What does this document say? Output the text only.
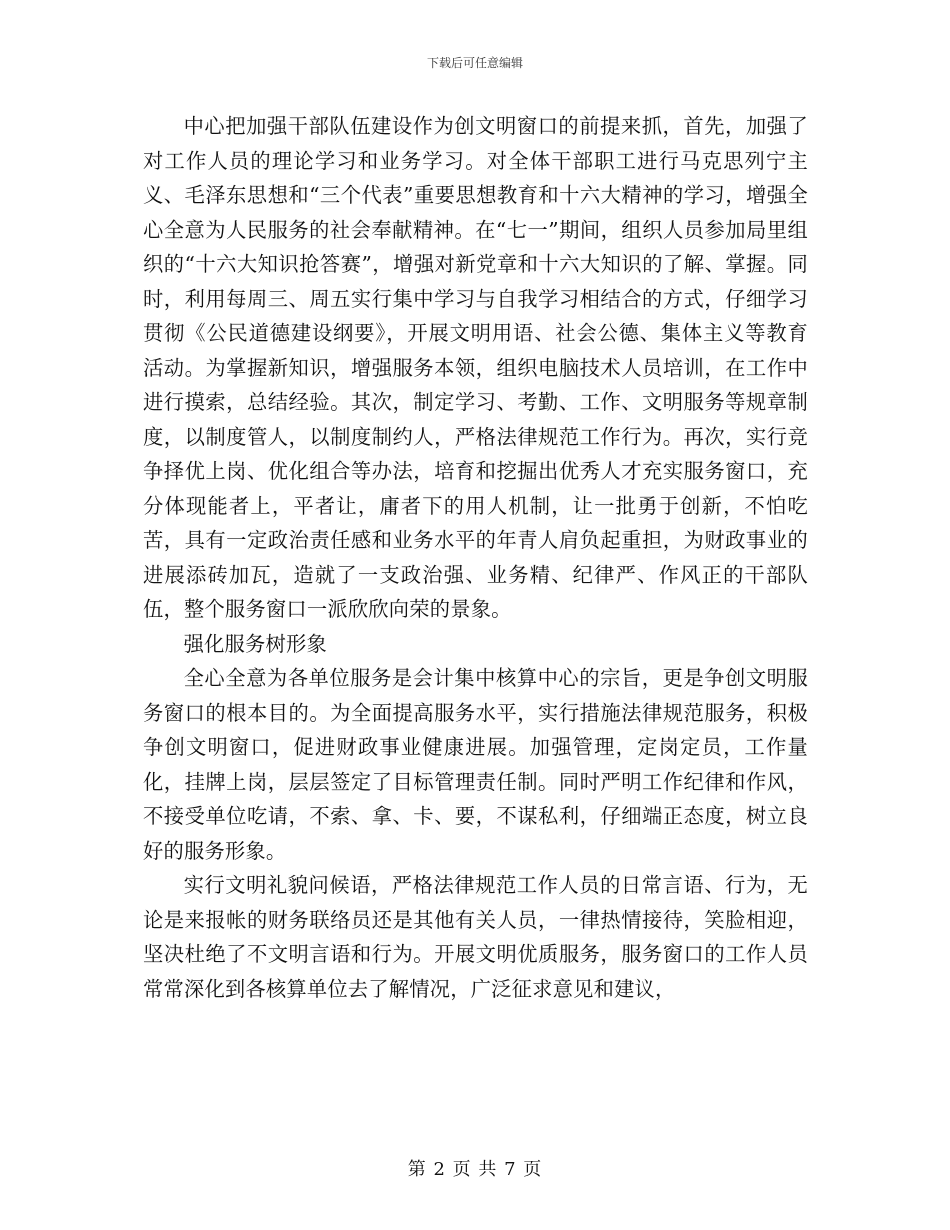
下载后可任意编辑

中心把加强干部队伍建设作为创文明窗口的前提来抓，首先，加强了对工作人员的理论学习和业务学习。对全体干部职工进行马克思列宁主义、毛泽东思想和“三个代表”重要思想教育和十六大精神的学习，增强全心全意为人民服务的社会奉献精神。在“七一”期间，组织人员参加局里组织的“十六大知识抢答赛”，增强对新党章和十六大知识的了解、掌握。同时，利用每周三、周五实行集中学习与自我学习相结合的方式，仔细学习贯彻《公民道德建设纲要》，开展文明用语、社会公德、集体主义等教育活动。为掌握新知识，增强服务本领，组织电脑技术人员培训，在工作中进行摸索，总结经验。其次，制定学习、考勤、工作、文明服务等规章制度，以制度管人，以制度制约人，严格法律规范工作行为。再次，实行竞争择优上岗、优化组合等办法，培育和挖掘出优秀人才充实服务窗口，充分体现能者上，平者让，庸者下的用人机制，让一批勇于创新，不怕吃苦，具有一定政治责任感和业务水平的年青人肩负起重担，为财政事业的进展添砖加瓦，造就了一支政治强、业务精、纪律严、作风正的干部队伍，整个服务窗口一派欣欣向荣的景象。

强化服务树形象

全心全意为各单位服务是会计集中核算中心的宗旨，更是争创文明服务窗口的根本目的。为全面提高服务水平，实行措施法律规范服务，积极争创文明窗口，促进财政事业健康进展。加强管理，定岗定员，工作量化，挂牌上岗，层层签定了目标管理责任制。同时严明工作纪律和作风，不接受单位吃请，不索、拿、卡、要，不谋私利，仔细端正态度，树立良好的服务形象。

实行文明礼貌问候语，严格法律规范工作人员的日常言语、行为，无论是来报帐的财务联络员还是其他有关人员，一律热情接待，笑脸相迎，坚决杜绝了不文明言语和行为。开展文明优质服务，服务窗口的工作人员常常深化到各核算单位去了解情况，广泛征求意见和建议，

第 2 页 共 7 页
